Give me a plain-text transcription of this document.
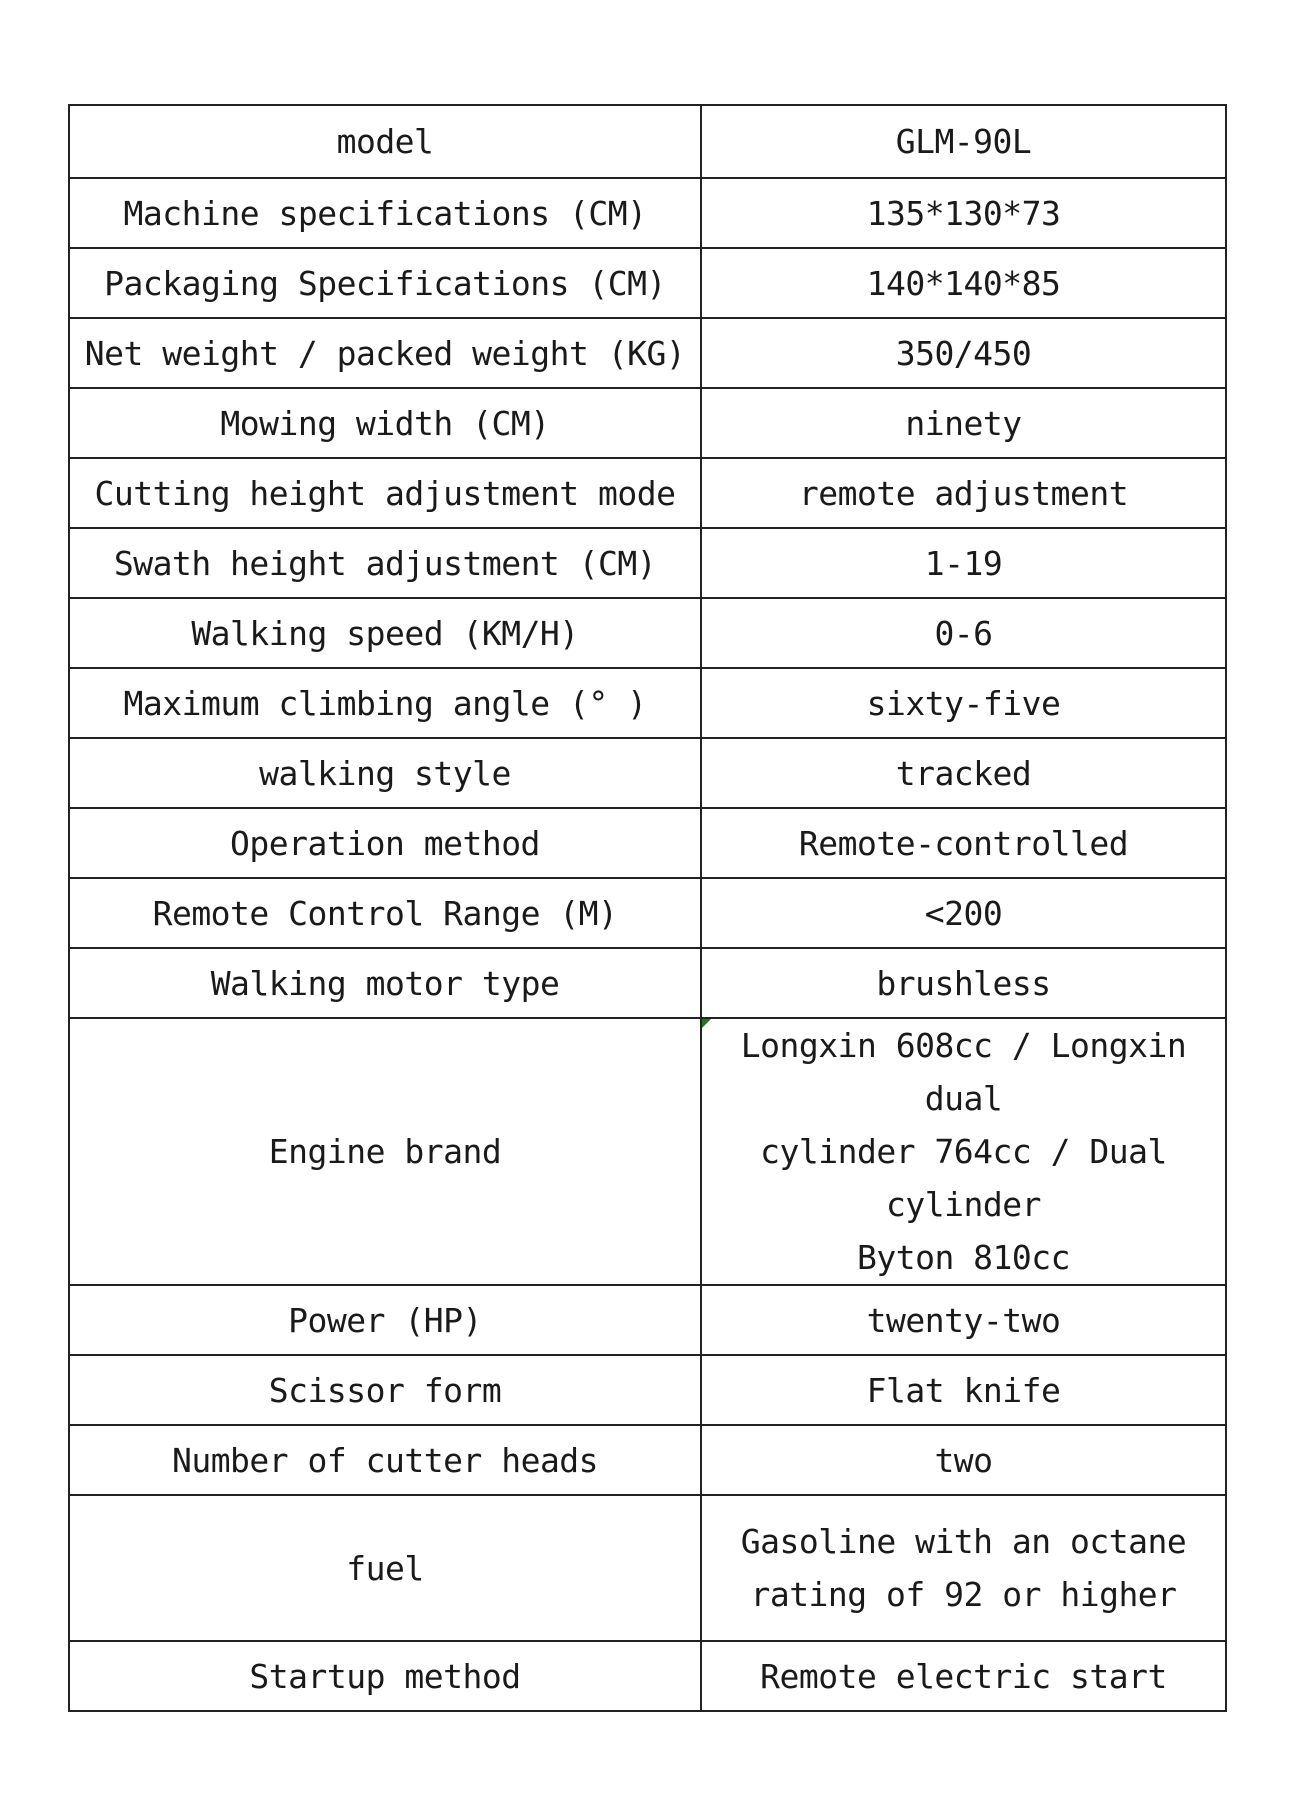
model	GLM-90L
Machine specifications (CM)	135*130*73
Packaging Specifications (CM)	140*140*85
Net weight / packed weight (KG)	350/450
Mowing width (CM)	ninety
Cutting height adjustment mode	remote adjustment
Swath height adjustment (CM)	1-19
Walking speed (KM/H)	0-6
Maximum climbing angle (° )	sixty-five
walking style	tracked
Operation method	Remote-controlled
Remote Control Range (M)	<200
Walking motor type	brushless
Engine brand	Longxin 608cc / Longxin dual
cylinder 764cc / Dual cylinder
Byton 810cc
Power (HP)	twenty-two
Scissor form	Flat knife
Number of cutter heads	two
fuel	Gasoline with an octane
rating of 92 or higher
Startup method	Remote electric start
